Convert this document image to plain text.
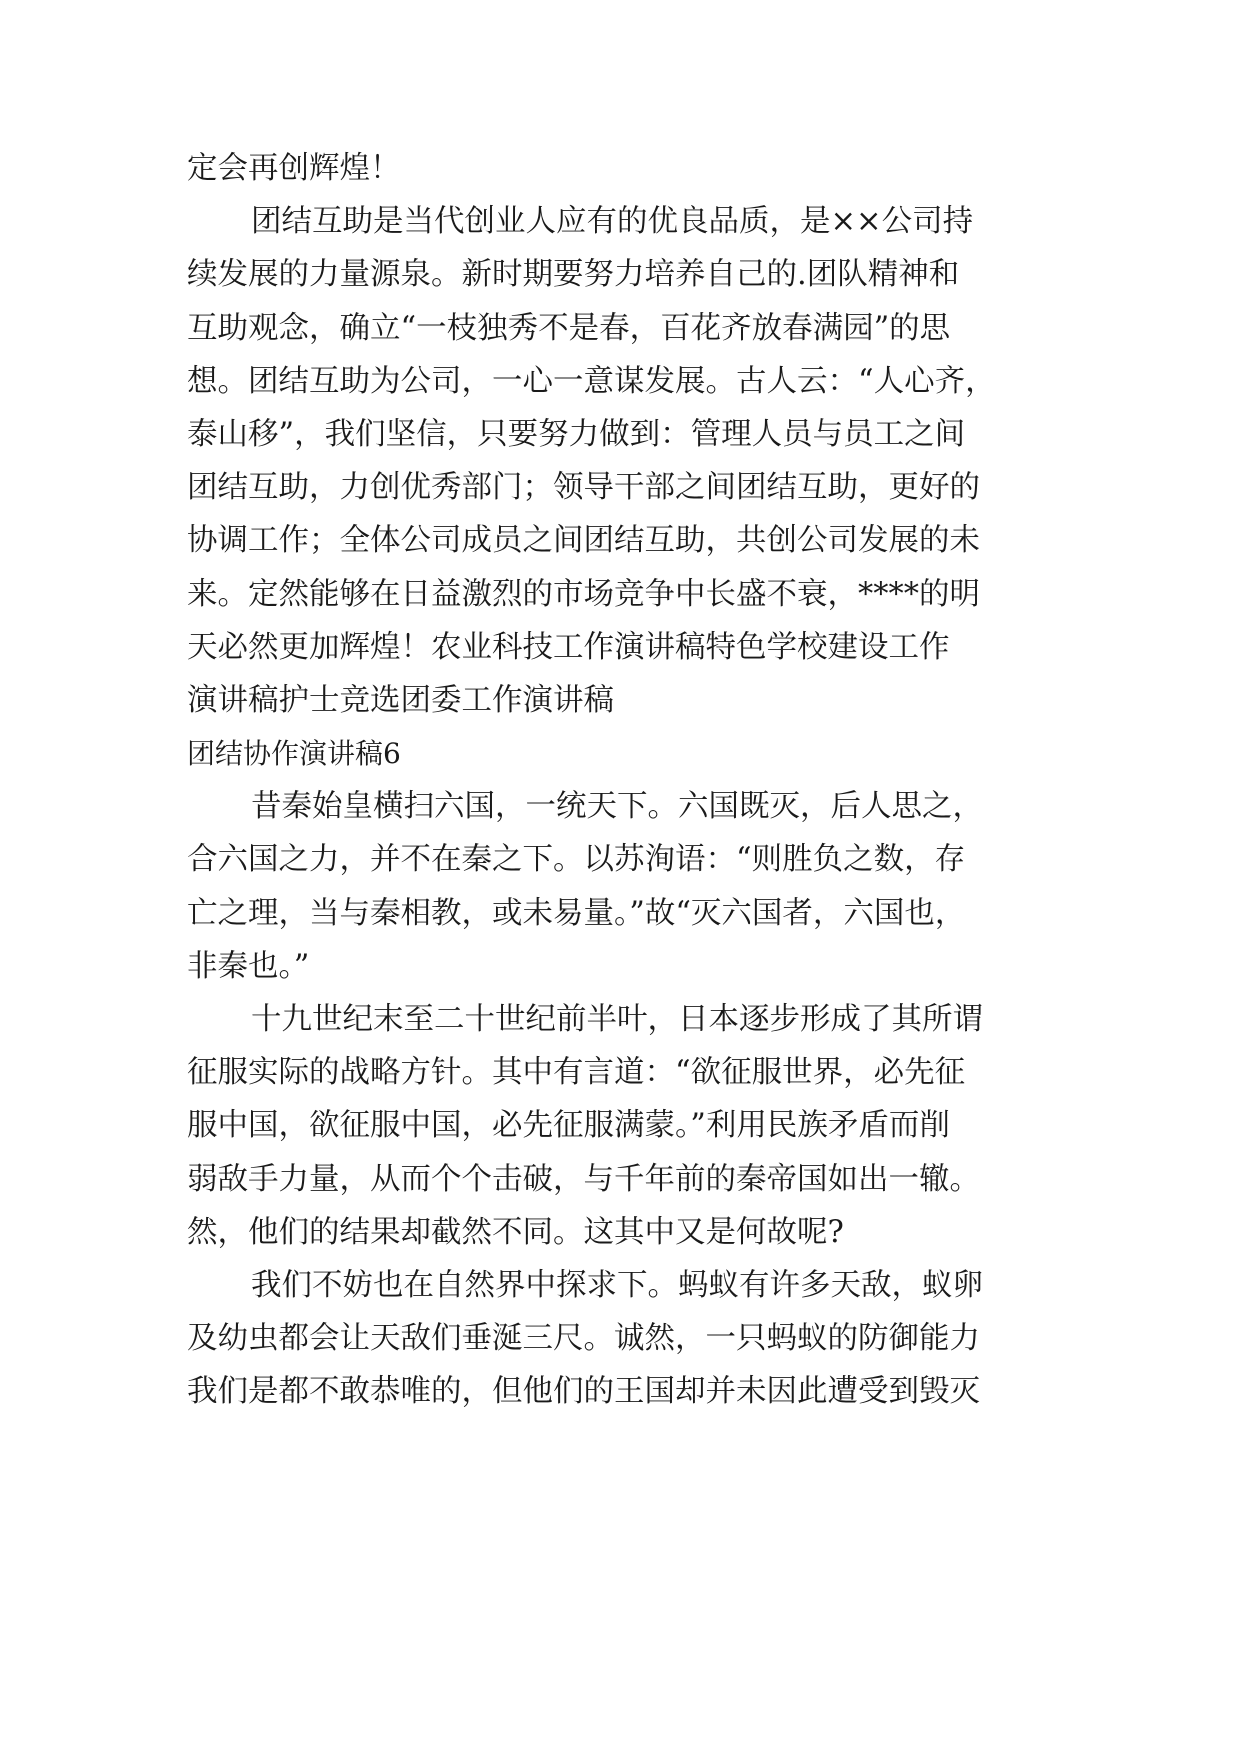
定会再创辉煌！
团结互助是当代创业人应有的优良品质，是××公司持
续发展的力量源泉。新时期要努力培养自己的.团队精神和
互助观念，确立“一枝独秀不是春，百花齐放春满园”的思
想。团结互助为公司，一心一意谋发展。古人云：“人心齐，
泰山移”，我们坚信，只要努力做到：管理人员与员工之间
团结互助，力创优秀部门；领导干部之间团结互助，更好的
协调工作；全体公司成员之间团结互助，共创公司发展的未
来。定然能够在日益激烈的市场竞争中长盛不衰，****的明
天必然更加辉煌！农业科技工作演讲稿特色学校建设工作
演讲稿护士竞选团委工作演讲稿
团结协作演讲稿6
昔秦始皇横扫六国，一统天下。六国既灭，后人思之，
合六国之力，并不在秦之下。以苏洵语：“则胜负之数，存
亡之理，当与秦相教，或未易量。”故“灭六国者，六国也，
非秦也。”
十九世纪末至二十世纪前半叶，日本逐步形成了其所谓
征服实际的战略方针。其中有言道：“欲征服世界，必先征
服中国，欲征服中国，必先征服满蒙。”利用民族矛盾而削
弱敌手力量，从而个个击破，与千年前的秦帝国如出一辙。
然，他们的结果却截然不同。这其中又是何故呢?
我们不妨也在自然界中探求下。蚂蚁有许多天敌，蚁卵
及幼虫都会让天敌们垂涎三尺。诚然，一只蚂蚁的防御能力
我们是都不敢恭唯的，但他们的王国却并未因此遭受到毁灭
